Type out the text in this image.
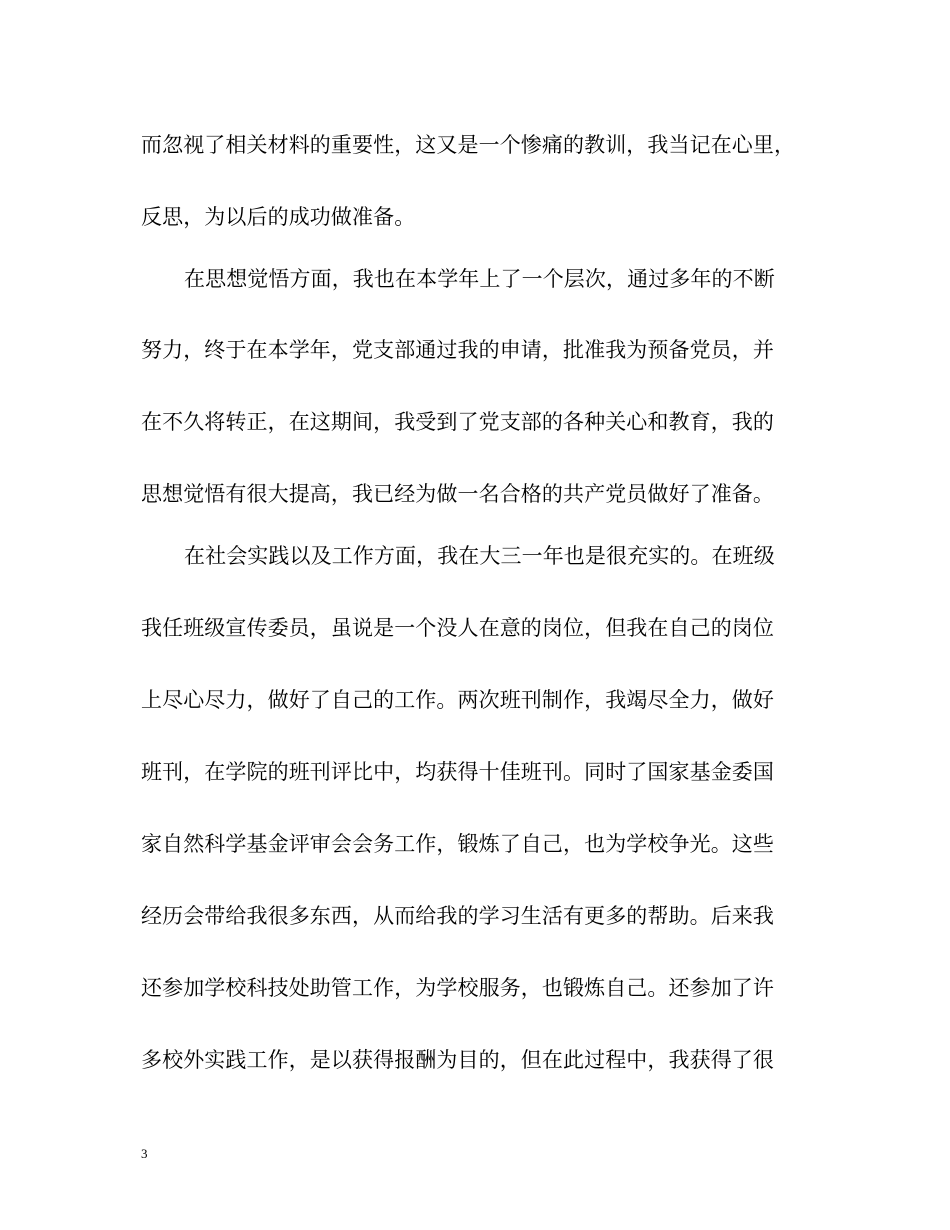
而忽视了相关材料的重要性，这又是一个惨痛的教训，我当记在心里，
反思，为以后的成功做准备。
在思想觉悟方面，我也在本学年上了一个层次，通过多年的不断
努力，终于在本学年，党支部通过我的申请，批准我为预备党员，并
在不久将转正，在这期间，我受到了党支部的各种关心和教育，我的
思想觉悟有很大提高，我已经为做一名合格的共产党员做好了准备。
在社会实践以及工作方面，我在大三一年也是很充实的。在班级
我任班级宣传委员，虽说是一个没人在意的岗位，但我在自己的岗位
上尽心尽力，做好了自己的工作。两次班刊制作，我竭尽全力，做好
班刊，在学院的班刊评比中，均获得十佳班刊。同时了国家基金委国
家自然科学基金评审会会务工作，锻炼了自己，也为学校争光。这些
经历会带给我很多东西，从而给我的学习生活有更多的帮助。后来我
还参加学校科技处助管工作，为学校服务，也锻炼自己。还参加了许
多校外实践工作，是以获得报酬为目的，但在此过程中，我获得了很
3
